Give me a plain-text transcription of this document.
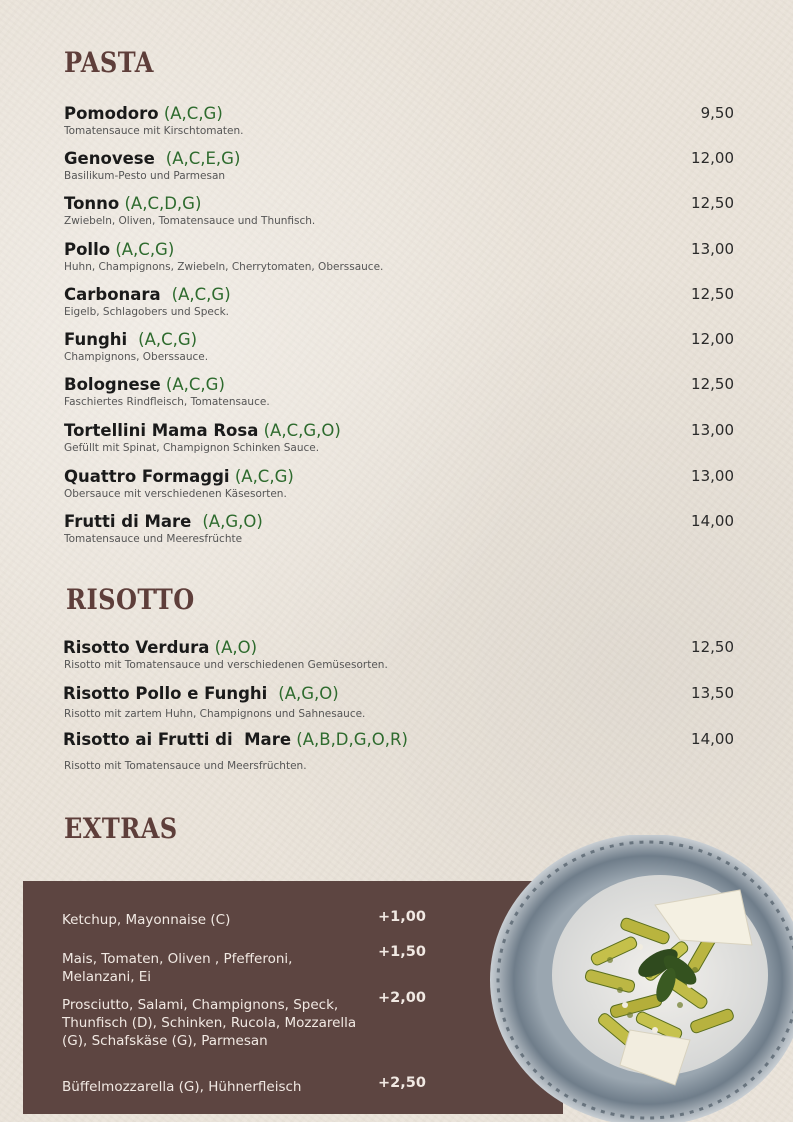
PASTA
Pomodoro (A,C,G)
Tomatensauce mit Kirschtomaten.
9,50
Genovese  (A,C,E,G)
Basilikum-Pesto und Parmesan
12,00
Tonno (A,C,D,G)
Zwiebeln, Oliven, Tomatensauce und Thunfisch.
12,50
Pollo (A,C,G)
Huhn, Champignons, Zwiebeln, Cherrytomaten, Oberssauce.
13,00
Carbonara  (A,C,G)
Eigelb, Schlagobers und Speck.
12,50
Funghi  (A,C,G)
Champignons, Oberssauce.
12,00
Bolognese (A,C,G)
Faschiertes Rindfleisch, Tomatensauce.
12,50
Tortellini Mama Rosa (A,C,G,O)
Gefüllt mit Spinat, Champignon Schinken Sauce.
13,00
Quattro Formaggi (A,C,G)
Obersauce mit verschiedenen Käsesorten.
13,00
Frutti di Mare  (A,G,O)
Tomatensauce und Meeresfrüchte
14,00
RISOTTO
Risotto Verdura (A,O)
Risotto mit Tomatensauce und verschiedenen Gemüsesorten.
12,50
Risotto Pollo e Funghi  (A,G,O)
Risotto mit zartem Huhn, Champignons und Sahnesauce.
13,50
Risotto ai Frutti di  Mare (A,B,D,G,O,R)
Risotto mit Tomatensauce und Meersfrüchten.
14,00
EXTRAS
Ketchup, Mayonnaise (C)	+1,00
Mais, Tomaten, Oliven , Pfefferoni, Melanzani, Ei
+1,50
Prosciutto, Salami, Champignons, Speck, Thunfisch (D), Schinken, Rucola, Mozzarella (G), Schafskäse (G), Parmesan
+2,00
Büffelmozzarella (G), Hühnerfleisch	+2,50
